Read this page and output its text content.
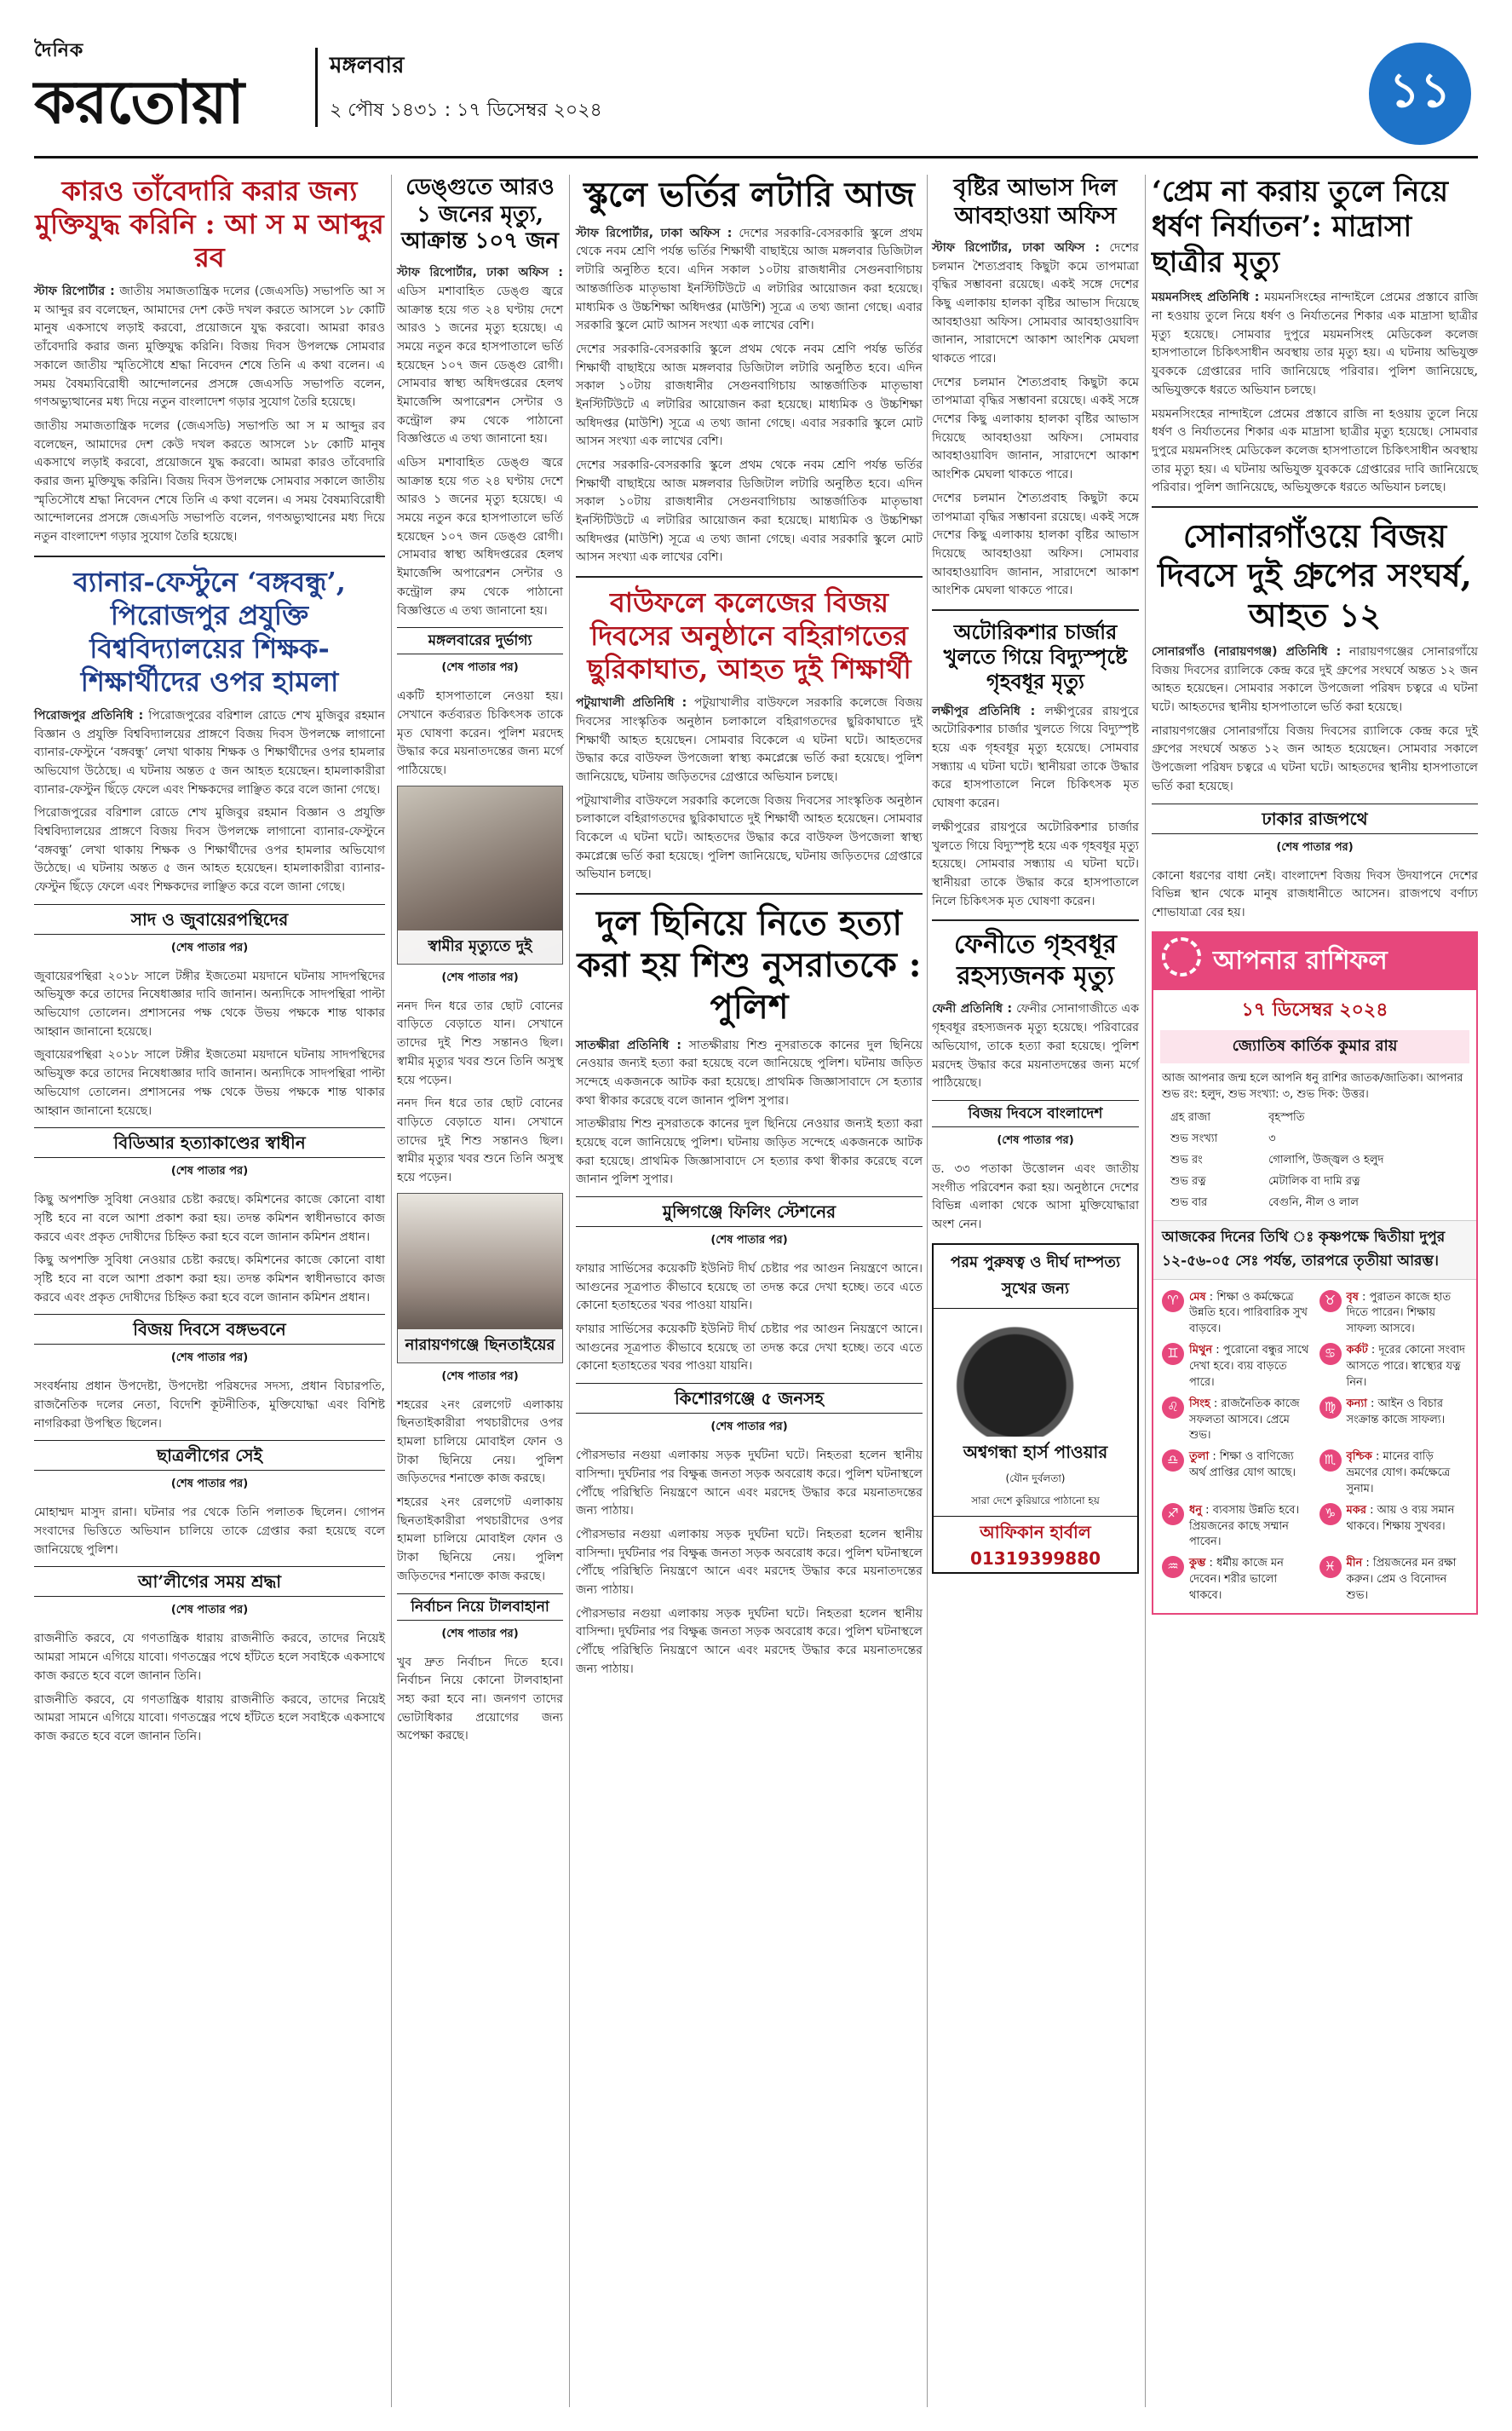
দৈনিক
করতোয়া
মঙ্গলবার
২ পৌষ ১৪৩১ : ১৭ ডিসেম্বর ২০২৪	১১
কারও তাঁবেদারি করার জন্য মুক্তিযুদ্ধ করিনি : আ স ম আব্দুর রব

স্টাফ রিপোর্টার : জাতীয় সমাজতান্ত্রিক দলের (জেএসডি) সভাপতি আ স ম আব্দুর রব বলেছেন, আমাদের দেশ কেউ দখল করতে আসলে ১৮ কোটি মানুষ একসাথে লড়াই করবো, প্রয়োজনে যুদ্ধ করবো। আমরা কারও তাঁবেদারি করার জন্য মুক্তিযুদ্ধ করিনি। বিজয় দিবস উপলক্ষে সোমবার সকালে জাতীয় স্মৃতিসৌধে শ্রদ্ধা নিবেদন শেষে তিনি এ কথা বলেন। এ সময় বৈষম্যবিরোধী আন্দোলনের প্রসঙ্গে জেএসডি সভাপতি বলেন, গণঅভ্যুত্থানের মধ্য দিয়ে নতুন বাংলাদেশ গড়ার সুযোগ তৈরি হয়েছে।

জাতীয় সমাজতান্ত্রিক দলের (জেএসডি) সভাপতি আ স ম আব্দুর রব বলেছেন, আমাদের দেশ কেউ দখল করতে আসলে ১৮ কোটি মানুষ একসাথে লড়াই করবো, প্রয়োজনে যুদ্ধ করবো। আমরা কারও তাঁবেদারি করার জন্য মুক্তিযুদ্ধ করিনি। বিজয় দিবস উপলক্ষে সোমবার সকালে জাতীয় স্মৃতিসৌধে শ্রদ্ধা নিবেদন শেষে তিনি এ কথা বলেন। এ সময় বৈষম্যবিরোধী আন্দোলনের প্রসঙ্গে জেএসডি সভাপতি বলেন, গণঅভ্যুত্থানের মধ্য দিয়ে নতুন বাংলাদেশ গড়ার সুযোগ তৈরি হয়েছে।

ব্যানার-ফেস্টুনে ‘বঙ্গবন্ধু’, পিরোজপুর প্রযুক্তি বিশ্ববিদ্যালয়ের শিক্ষক-শিক্ষার্থীদের ওপর হামলা

পিরোজপুর প্রতিনিধি : পিরোজপুরের বরিশাল রোডে শেখ মুজিবুর রহমান বিজ্ঞান ও প্রযুক্তি বিশ্ববিদ্যালয়ের প্রাঙ্গণে বিজয় দিবস উপলক্ষে লাগানো ব্যানার-ফেস্টুনে ‘বঙ্গবন্ধু’ লেখা থাকায় শিক্ষক ও শিক্ষার্থীদের ওপর হামলার অভিযোগ উঠেছে। এ ঘটনায় অন্তত ৫ জন আহত হয়েছেন। হামলাকারীরা ব্যানার-ফেস্টুন ছিঁড়ে ফেলে এবং শিক্ষকদের লাঞ্ছিত করে বলে জানা গেছে।

পিরোজপুরের বরিশাল রোডে শেখ মুজিবুর রহমান বিজ্ঞান ও প্রযুক্তি বিশ্ববিদ্যালয়ের প্রাঙ্গণে বিজয় দিবস উপলক্ষে লাগানো ব্যানার-ফেস্টুনে ‘বঙ্গবন্ধু’ লেখা থাকায় শিক্ষক ও শিক্ষার্থীদের ওপর হামলার অভিযোগ উঠেছে। এ ঘটনায় অন্তত ৫ জন আহত হয়েছেন। হামলাকারীরা ব্যানার-ফেস্টুন ছিঁড়ে ফেলে এবং শিক্ষকদের লাঞ্ছিত করে বলে জানা গেছে।

সাদ ও জুবায়েরপন্থিদের
(শেষ পাতার পর)

জুবায়েরপন্থিরা ২০১৮ সালে টঙ্গীর ইজতেমা ময়দানে ঘটনায় সাদপন্থিদের অভিযুক্ত করে তাদের নিষেধাজ্ঞার দাবি জানান। অন্যদিকে সাদপন্থিরা পাল্টা অভিযোগ তোলেন। প্রশাসনের পক্ষ থেকে উভয় পক্ষকে শান্ত থাকার আহ্বান জানানো হয়েছে।

জুবায়েরপন্থিরা ২০১৮ সালে টঙ্গীর ইজতেমা ময়দানে ঘটনায় সাদপন্থিদের অভিযুক্ত করে তাদের নিষেধাজ্ঞার দাবি জানান। অন্যদিকে সাদপন্থিরা পাল্টা অভিযোগ তোলেন। প্রশাসনের পক্ষ থেকে উভয় পক্ষকে শান্ত থাকার আহ্বান জানানো হয়েছে।

বিডিআর হত্যাকাণ্ডের স্বাধীন
(শেষ পাতার পর)

কিছু অপশক্তি সুবিধা নেওয়ার চেষ্টা করছে। কমিশনের কাজে কোনো বাধা সৃষ্টি হবে না বলে আশা প্রকাশ করা হয়। তদন্ত কমিশন স্বাধীনভাবে কাজ করবে এবং প্রকৃত দোষীদের চিহ্নিত করা হবে বলে জানান কমিশন প্রধান।

কিছু অপশক্তি সুবিধা নেওয়ার চেষ্টা করছে। কমিশনের কাজে কোনো বাধা সৃষ্টি হবে না বলে আশা প্রকাশ করা হয়। তদন্ত কমিশন স্বাধীনভাবে কাজ করবে এবং প্রকৃত দোষীদের চিহ্নিত করা হবে বলে জানান কমিশন প্রধান।

বিজয় দিবসে বঙ্গভবনে
(শেষ পাতার পর)

সংবর্ধনায় প্রধান উপদেষ্টা, উপদেষ্টা পরিষদের সদস্য, প্রধান বিচারপতি, রাজনৈতিক দলের নেতা, বিদেশি কূটনীতিক, মুক্তিযোদ্ধা এবং বিশিষ্ট নাগরিকরা উপস্থিত ছিলেন।

ছাত্রলীগের সেই
(শেষ পাতার পর)

মোহাম্মদ মাসুদ রানা। ঘটনার পর থেকে তিনি পলাতক ছিলেন। গোপন সংবাদের ভিত্তিতে অভিযান চালিয়ে তাকে গ্রেপ্তার করা হয়েছে বলে জানিয়েছে পুলিশ।

আ’লীগের সময় শ্রদ্ধা
(শেষ পাতার পর)

রাজনীতি করবে, যে গণতান্ত্রিক ধারায় রাজনীতি করবে, তাদের নিয়েই আমরা সামনে এগিয়ে যাবো। গণতন্ত্রের পথে হাঁটতে হলে সবাইকে একসাথে কাজ করতে হবে বলে জানান তিনি।

রাজনীতি করবে, যে গণতান্ত্রিক ধারায় রাজনীতি করবে, তাদের নিয়েই আমরা সামনে এগিয়ে যাবো। গণতন্ত্রের পথে হাঁটতে হলে সবাইকে একসাথে কাজ করতে হবে বলে জানান তিনি।

ডেঙ্গুতে আরও ১ জনের মৃত্যু, আক্রান্ত ১০৭ জন

স্টাফ রিপোর্টার, ঢাকা অফিস : এডিস মশাবাহিত ডেঙ্গু জ্বরে আক্রান্ত হয়ে গত ২৪ ঘণ্টায় দেশে আরও ১ জনের মৃত্যু হয়েছে। এ সময়ে নতুন করে হাসপাতালে ভর্তি হয়েছেন ১০৭ জন ডেঙ্গু রোগী। সোমবার স্বাস্থ্য অধিদপ্তরের হেলথ ইমার্জেন্সি অপারেশন সেন্টার ও কন্ট্রোল রুম থেকে পাঠানো বিজ্ঞপ্তিতে এ তথ্য জানানো হয়।

এডিস মশাবাহিত ডেঙ্গু জ্বরে আক্রান্ত হয়ে গত ২৪ ঘণ্টায় দেশে আরও ১ জনের মৃত্যু হয়েছে। এ সময়ে নতুন করে হাসপাতালে ভর্তি হয়েছেন ১০৭ জন ডেঙ্গু রোগী। সোমবার স্বাস্থ্য অধিদপ্তরের হেলথ ইমার্জেন্সি অপারেশন সেন্টার ও কন্ট্রোল রুম থেকে পাঠানো বিজ্ঞপ্তিতে এ তথ্য জানানো হয়।

মঙ্গলবারের দুর্ভাগ্য
(শেষ পাতার পর)

একটি হাসপাতালে নেওয়া হয়। সেখানে কর্তব্যরত চিকিৎসক তাকে মৃত ঘোষণা করেন। পুলিশ মরদেহ উদ্ধার করে ময়নাতদন্তের জন্য মর্গে পাঠিয়েছে।

স্বামীর মৃত্যুতে দুই
(শেষ পাতার পর)

ননদ দিন ধরে তার ছোট বোনের বাড়িতে বেড়াতে যান। সেখানে তাদের দুই শিশু সন্তানও ছিল। স্বামীর মৃত্যুর খবর শুনে তিনি অসুস্থ হয়ে পড়েন।

ননদ দিন ধরে তার ছোট বোনের বাড়িতে বেড়াতে যান। সেখানে তাদের দুই শিশু সন্তানও ছিল। স্বামীর মৃত্যুর খবর শুনে তিনি অসুস্থ হয়ে পড়েন।

নারায়ণগঞ্জে ছিনতাইয়ের
(শেষ পাতার পর)

শহরের ২নং রেলগেট এলাকায় ছিনতাইকারীরা পথচারীদের ওপর হামলা চালিয়ে মোবাইল ফোন ও টাকা ছিনিয়ে নেয়। পুলিশ জড়িতদের শনাক্তে কাজ করছে।

শহরের ২নং রেলগেট এলাকায় ছিনতাইকারীরা পথচারীদের ওপর হামলা চালিয়ে মোবাইল ফোন ও টাকা ছিনিয়ে নেয়। পুলিশ জড়িতদের শনাক্তে কাজ করছে।

নির্বাচন নিয়ে টালবাহানা
(শেষ পাতার পর)

খুব দ্রুত নির্বাচন দিতে হবে। নির্বাচন নিয়ে কোনো টালবাহানা সহ্য করা হবে না। জনগণ তাদের ভোটাধিকার প্রয়োগের জন্য অপেক্ষা করছে।

স্কুলে ভর্তির লটারি আজ

স্টাফ রিপোর্টার, ঢাকা অফিস : দেশের সরকারি-বেসরকারি স্কুলে প্রথম থেকে নবম শ্রেণি পর্যন্ত ভর্তির শিক্ষার্থী বাছাইয়ে আজ মঙ্গলবার ডিজিটাল লটারি অনুষ্ঠিত হবে। এদিন সকাল ১০টায় রাজধানীর সেগুনবাগিচায় আন্তর্জাতিক মাতৃভাষা ইনস্টিটিউটে এ লটারির আয়োজন করা হয়েছে। মাধ্যমিক ও উচ্চশিক্ষা অধিদপ্তর (মাউশি) সূত্রে এ তথ্য জানা গেছে। এবার সরকারি স্কুলে মোট আসন সংখ্যা এক লাখের বেশি।

দেশের সরকারি-বেসরকারি স্কুলে প্রথম থেকে নবম শ্রেণি পর্যন্ত ভর্তির শিক্ষার্থী বাছাইয়ে আজ মঙ্গলবার ডিজিটাল লটারি অনুষ্ঠিত হবে। এদিন সকাল ১০টায় রাজধানীর সেগুনবাগিচায় আন্তর্জাতিক মাতৃভাষা ইনস্টিটিউটে এ লটারির আয়োজন করা হয়েছে। মাধ্যমিক ও উচ্চশিক্ষা অধিদপ্তর (মাউশি) সূত্রে এ তথ্য জানা গেছে। এবার সরকারি স্কুলে মোট আসন সংখ্যা এক লাখের বেশি।

দেশের সরকারি-বেসরকারি স্কুলে প্রথম থেকে নবম শ্রেণি পর্যন্ত ভর্তির শিক্ষার্থী বাছাইয়ে আজ মঙ্গলবার ডিজিটাল লটারি অনুষ্ঠিত হবে। এদিন সকাল ১০টায় রাজধানীর সেগুনবাগিচায় আন্তর্জাতিক মাতৃভাষা ইনস্টিটিউটে এ লটারির আয়োজন করা হয়েছে। মাধ্যমিক ও উচ্চশিক্ষা অধিদপ্তর (মাউশি) সূত্রে এ তথ্য জানা গেছে। এবার সরকারি স্কুলে মোট আসন সংখ্যা এক লাখের বেশি।

বাউফলে কলেজের বিজয় দিবসের অনুষ্ঠানে বহিরাগতের ছুরিকাঘাত, আহত দুই শিক্ষার্থী

পটুয়াখালী প্রতিনিধি : পটুয়াখালীর বাউফলে সরকারি কলেজে বিজয় দিবসের সাংস্কৃতিক অনুষ্ঠান চলাকালে বহিরাগতদের ছুরিকাঘাতে দুই শিক্ষার্থী আহত হয়েছেন। সোমবার বিকেলে এ ঘটনা ঘটে। আহতদের উদ্ধার করে বাউফল উপজেলা স্বাস্থ্য কমপ্লেক্সে ভর্তি করা হয়েছে। পুলিশ জানিয়েছে, ঘটনায় জড়িতদের গ্রেপ্তারে অভিযান চলছে।

পটুয়াখালীর বাউফলে সরকারি কলেজে বিজয় দিবসের সাংস্কৃতিক অনুষ্ঠান চলাকালে বহিরাগতদের ছুরিকাঘাতে দুই শিক্ষার্থী আহত হয়েছেন। সোমবার বিকেলে এ ঘটনা ঘটে। আহতদের উদ্ধার করে বাউফল উপজেলা স্বাস্থ্য কমপ্লেক্সে ভর্তি করা হয়েছে। পুলিশ জানিয়েছে, ঘটনায় জড়িতদের গ্রেপ্তারে অভিযান চলছে।

দুল ছিনিয়ে নিতে হত্যা করা হয় শিশু নুসরাতকে : পুলিশ

সাতক্ষীরা প্রতিনিধি : সাতক্ষীরায় শিশু নুসরাতকে কানের দুল ছিনিয়ে নেওয়ার জন্যই হত্যা করা হয়েছে বলে জানিয়েছে পুলিশ। ঘটনায় জড়িত সন্দেহে একজনকে আটক করা হয়েছে। প্রাথমিক জিজ্ঞাসাবাদে সে হত্যার কথা স্বীকার করেছে বলে জানান পুলিশ সুপার।

সাতক্ষীরায় শিশু নুসরাতকে কানের দুল ছিনিয়ে নেওয়ার জন্যই হত্যা করা হয়েছে বলে জানিয়েছে পুলিশ। ঘটনায় জড়িত সন্দেহে একজনকে আটক করা হয়েছে। প্রাথমিক জিজ্ঞাসাবাদে সে হত্যার কথা স্বীকার করেছে বলে জানান পুলিশ সুপার।

মুন্সিগঞ্জে ফিলিং স্টেশনের
(শেষ পাতার পর)

ফায়ার সার্ভিসের কয়েকটি ইউনিট দীর্ঘ চেষ্টার পর আগুন নিয়ন্ত্রণে আনে। আগুনের সূত্রপাত কীভাবে হয়েছে তা তদন্ত করে দেখা হচ্ছে। তবে এতে কোনো হতাহতের খবর পাওয়া যায়নি।

ফায়ার সার্ভিসের কয়েকটি ইউনিট দীর্ঘ চেষ্টার পর আগুন নিয়ন্ত্রণে আনে। আগুনের সূত্রপাত কীভাবে হয়েছে তা তদন্ত করে দেখা হচ্ছে। তবে এতে কোনো হতাহতের খবর পাওয়া যায়নি।

কিশোরগঞ্জে ৫ জনসহ
(শেষ পাতার পর)

পৌরসভার নগুয়া এলাকায় সড়ক দুর্ঘটনা ঘটে। নিহতরা হলেন স্থানীয় বাসিন্দা। দুর্ঘটনার পর বিক্ষুব্ধ জনতা সড়ক অবরোধ করে। পুলিশ ঘটনাস্থলে পৌঁছে পরিস্থিতি নিয়ন্ত্রণে আনে এবং মরদেহ উদ্ধার করে ময়নাতদন্তের জন্য পাঠায়।

পৌরসভার নগুয়া এলাকায় সড়ক দুর্ঘটনা ঘটে। নিহতরা হলেন স্থানীয় বাসিন্দা। দুর্ঘটনার পর বিক্ষুব্ধ জনতা সড়ক অবরোধ করে। পুলিশ ঘটনাস্থলে পৌঁছে পরিস্থিতি নিয়ন্ত্রণে আনে এবং মরদেহ উদ্ধার করে ময়নাতদন্তের জন্য পাঠায়।

পৌরসভার নগুয়া এলাকায় সড়ক দুর্ঘটনা ঘটে। নিহতরা হলেন স্থানীয় বাসিন্দা। দুর্ঘটনার পর বিক্ষুব্ধ জনতা সড়ক অবরোধ করে। পুলিশ ঘটনাস্থলে পৌঁছে পরিস্থিতি নিয়ন্ত্রণে আনে এবং মরদেহ উদ্ধার করে ময়নাতদন্তের জন্য পাঠায়।

বৃষ্টির আভাস দিল আবহাওয়া অফিস

স্টাফ রিপোর্টার, ঢাকা অফিস : দেশের চলমান শৈত্যপ্রবাহ কিছুটা কমে তাপমাত্রা বৃদ্ধির সম্ভাবনা রয়েছে। একই সঙ্গে দেশের কিছু এলাকায় হালকা বৃষ্টির আভাস দিয়েছে আবহাওয়া অফিস। সোমবার আবহাওয়াবিদ জানান, সারাদেশে আকাশ আংশিক মেঘলা থাকতে পারে।

দেশের চলমান শৈত্যপ্রবাহ কিছুটা কমে তাপমাত্রা বৃদ্ধির সম্ভাবনা রয়েছে। একই সঙ্গে দেশের কিছু এলাকায় হালকা বৃষ্টির আভাস দিয়েছে আবহাওয়া অফিস। সোমবার আবহাওয়াবিদ জানান, সারাদেশে আকাশ আংশিক মেঘলা থাকতে পারে।

দেশের চলমান শৈত্যপ্রবাহ কিছুটা কমে তাপমাত্রা বৃদ্ধির সম্ভাবনা রয়েছে। একই সঙ্গে দেশের কিছু এলাকায় হালকা বৃষ্টির আভাস দিয়েছে আবহাওয়া অফিস। সোমবার আবহাওয়াবিদ জানান, সারাদেশে আকাশ আংশিক মেঘলা থাকতে পারে।

অটোরিকশার চার্জার খুলতে গিয়ে বিদ্যুস্পৃষ্টে গৃহবধূর মৃত্যু

লক্ষীপুর প্রতিনিধি : লক্ষীপুরের রায়পুরে অটোরিকশার চার্জার খুলতে গিয়ে বিদ্যুস্পৃষ্ট হয়ে এক গৃহবধূর মৃত্যু হয়েছে। সোমবার সন্ধ্যায় এ ঘটনা ঘটে। স্থানীয়রা তাকে উদ্ধার করে হাসপাতালে নিলে চিকিৎসক মৃত ঘোষণা করেন।

লক্ষীপুরের রায়পুরে অটোরিকশার চার্জার খুলতে গিয়ে বিদ্যুস্পৃষ্ট হয়ে এক গৃহবধূর মৃত্যু হয়েছে। সোমবার সন্ধ্যায় এ ঘটনা ঘটে। স্থানীয়রা তাকে উদ্ধার করে হাসপাতালে নিলে চিকিৎসক মৃত ঘোষণা করেন।

ফেনীতে গৃহবধূর রহস্যজনক মৃত্যু

ফেনী প্রতিনিধি : ফেনীর সোনাগাজীতে এক গৃহবধূর রহস্যজনক মৃত্যু হয়েছে। পরিবারের অভিযোগ, তাকে হত্যা করা হয়েছে। পুলিশ মরদেহ উদ্ধার করে ময়নাতদন্তের জন্য মর্গে পাঠিয়েছে।

বিজয় দিবসে বাংলাদেশ
(শেষ পাতার পর)

ড. ৩৩ পতাকা উত্তোলন এবং জাতীয় সংগীত পরিবেশন করা হয়। অনুষ্ঠানে দেশের বিভিন্ন এলাকা থেকে আসা মুক্তিযোদ্ধারা অংশ নেন।

পরম পুরুষত্ব ও দীর্ঘ দাম্পত্য সুখের জন্য
অশ্বগন্ধা হার্স পাওয়ার
(যৌন দুর্বলতা)
সারা দেশে কুরিয়ারে পাঠানো হয়
আফিকান হার্বাল 01319399880
‘প্রেম না করায় তুলে নিয়ে ধর্ষণ নির্যাতন’: মাদ্রাসা ছাত্রীর মৃত্যু

ময়মনসিংহ প্রতিনিধি : ময়মনসিংহের নান্দাইলে প্রেমের প্রস্তাবে রাজি না হওয়ায় তুলে নিয়ে ধর্ষণ ও নির্যাতনের শিকার এক মাদ্রাসা ছাত্রীর মৃত্যু হয়েছে। সোমবার দুপুরে ময়মনসিংহ মেডিকেল কলেজ হাসপাতালে চিকিৎসাধীন অবস্থায় তার মৃত্যু হয়। এ ঘটনায় অভিযুক্ত যুবককে গ্রেপ্তারের দাবি জানিয়েছে পরিবার। পুলিশ জানিয়েছে, অভিযুক্তকে ধরতে অভিযান চলছে।

ময়মনসিংহের নান্দাইলে প্রেমের প্রস্তাবে রাজি না হওয়ায় তুলে নিয়ে ধর্ষণ ও নির্যাতনের শিকার এক মাদ্রাসা ছাত্রীর মৃত্যু হয়েছে। সোমবার দুপুরে ময়মনসিংহ মেডিকেল কলেজ হাসপাতালে চিকিৎসাধীন অবস্থায় তার মৃত্যু হয়। এ ঘটনায় অভিযুক্ত যুবককে গ্রেপ্তারের দাবি জানিয়েছে পরিবার। পুলিশ জানিয়েছে, অভিযুক্তকে ধরতে অভিযান চলছে।

সোনারগাঁওয়ে বিজয় দিবসে দুই গ্রুপের সংঘর্ষ, আহত ১২

সোনারগাঁও (নারায়ণগঞ্জ) প্রতিনিধি : নারায়ণগঞ্জের সোনারগাঁয়ে বিজয় দিবসের র‍্যালিকে কেন্দ্র করে দুই গ্রুপের সংঘর্ষে অন্তত ১২ জন আহত হয়েছেন। সোমবার সকালে উপজেলা পরিষদ চত্বরে এ ঘটনা ঘটে। আহতদের স্থানীয় হাসপাতালে ভর্তি করা হয়েছে।

নারায়ণগঞ্জের সোনারগাঁয়ে বিজয় দিবসের র‍্যালিকে কেন্দ্র করে দুই গ্রুপের সংঘর্ষে অন্তত ১২ জন আহত হয়েছেন। সোমবার সকালে উপজেলা পরিষদ চত্বরে এ ঘটনা ঘটে। আহতদের স্থানীয় হাসপাতালে ভর্তি করা হয়েছে।

ঢাকার রাজপথে
(শেষ পাতার পর)

কোনো ধরণের বাধা নেই। বাংলাদেশ বিজয় দিবস উদযাপনে দেশের বিভিন্ন স্থান থেকে মানুষ রাজধানীতে আসেন। রাজপথে বর্ণাঢ্য শোভাযাত্রা বের হয়।

আপনার রাশিফল
১৭ ডিসেম্বর ২০২৪
জ্যোতিষ কার্তিক কুমার রায়
আজ আপনার জন্ম হলে আপনি ধনু রাশির জাতক/জাতিকা। আপনার শুভ রং: হলুদ, শুভ সংখ্যা: ৩, শুভ দিক: উত্তর।
গ্রহ রাজা	বৃহস্পতি
শুভ সংখ্যা	৩
শুভ রং	গোলাপি, উজ্জ্বল ও হলুদ
শুভ রত্ন	মেটালিক বা দামি রত্ন
শুভ বার	বেগুনি, নীল ও লাল
আজকের দিনের তিথি ঃ কৃষ্ণপক্ষে দ্বিতীয়া দুপুর ১২-৫৬-০৫ সেঃ পর্যন্ত, তারপরে তৃতীয়া আরম্ভ।
♈ মেষ : শিক্ষা ও কর্মক্ষেত্রে উন্নতি হবে। পারিবারিক সুখ বাড়বে।
♉ বৃষ : পুরাতন কাজে হাত দিতে পারেন। শিক্ষায় সাফল্য আসবে।
♊ মিথুন : পুরোনো বন্ধুর সাথে দেখা হবে। ব্যয় বাড়তে পারে।
♋ কর্কট : দূরের কোনো সংবাদ আসতে পারে। স্বাস্থ্যের যত্ন নিন।
♌ সিংহ : রাজনৈতিক কাজে সফলতা আসবে। প্রেমে শুভ।
♍ কন্যা : আইন ও বিচার সংক্রান্ত কাজে সাফল্য।
♎ তুলা : শিক্ষা ও বাণিজ্যে অর্থ প্রাপ্তির যোগ আছে।
♏ বৃশ্চিক : মানের বাড়ি ভ্রমণের যোগ। কর্মক্ষেত্রে সুনাম।
♐ ধনু : ব্যবসায় উন্নতি হবে। প্রিয়জনের কাছে সম্মান পাবেন।
♑ মকর : আয় ও ব্যয় সমান থাকবে। শিক্ষায় সুখবর।
♒ কুম্ভ : ধর্মীয় কাজে মন দেবেন। শরীর ভালো থাকবে।
♓ মীন : প্রিয়জনের মন রক্ষা করুন। প্রেম ও বিনোদন শুভ।
